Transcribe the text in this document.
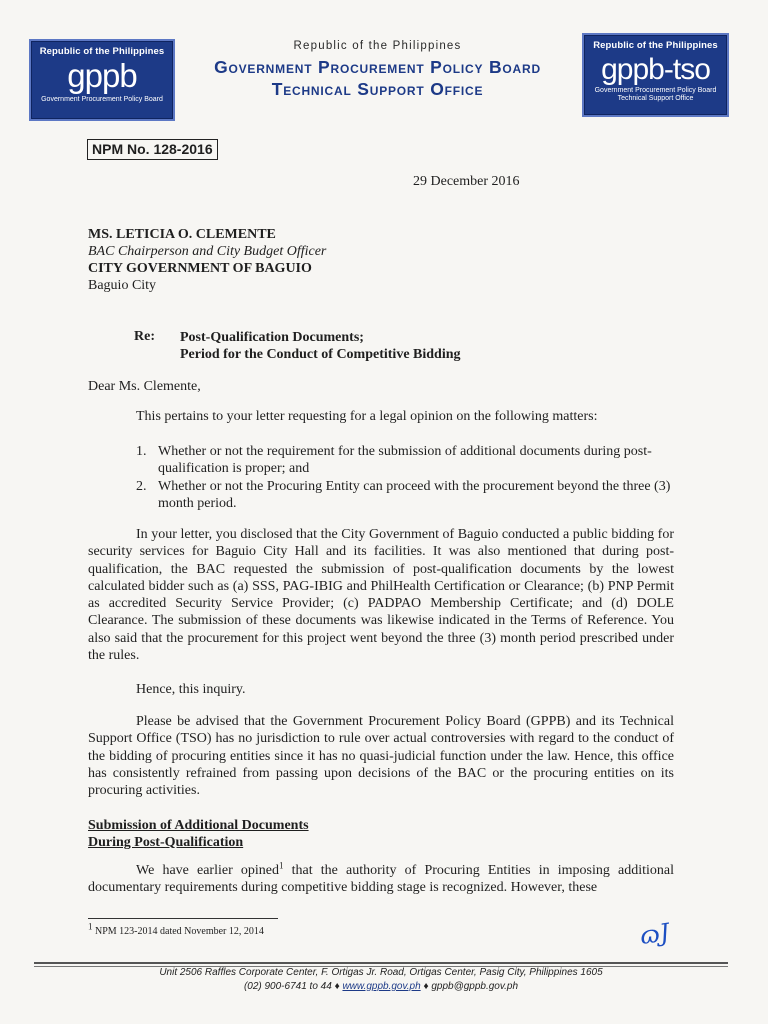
Republic of the Philippines
gppb
Government Procurement Policy Board
Republic of the Philippines
Government Procurement Policy Board
Technical Support Office
Republic of the Philippines
gppb-tso
Government Procurement Policy Board
Technical Support Office
NPM No. 128-2016
29 December 2016
MS. LETICIA O. CLEMENTE
BAC Chairperson and City Budget Officer
CITY GOVERNMENT OF BAGUIO
Baguio City
Re: Post-Qualification Documents;
Period for the Conduct of Competitive Bidding
Dear Ms. Clemente,
This pertains to your letter requesting for a legal opinion on the following matters:
1. Whether or not the requirement for the submission of additional documents during post-qualification is proper; and
2. Whether or not the Procuring Entity can proceed with the procurement beyond the three (3) month period.
In your letter, you disclosed that the City Government of Baguio conducted a public bidding for security services for Baguio City Hall and its facilities. It was also mentioned that during post-qualification, the BAC requested the submission of post-qualification documents by the lowest calculated bidder such as (a) SSS, PAG-IBIG and PhilHealth Certification or Clearance; (b) PNP Permit as accredited Security Service Provider; (c) PADPAO Membership Certificate; and (d) DOLE Clearance. The submission of these documents was likewise indicated in the Terms of Reference. You also said that the procurement for this project went beyond the three (3) month period prescribed under the rules.
Hence, this inquiry.
Please be advised that the Government Procurement Policy Board (GPPB) and its Technical Support Office (TSO) has no jurisdiction to rule over actual controversies with regard to the conduct of the bidding of procuring entities since it has no quasi-judicial function under the law. Hence, this office has consistently refrained from passing upon decisions of the BAC or the procuring entities on its procuring activities.
Submission of Additional Documents
During Post-Qualification
We have earlier opined$^1$ that the authority of Procuring Entities in imposing additional documentary requirements during competitive bidding stage is recognized. However, these
$^1$ NPM 123-2014 dated November 12, 2014	ɷJ
Unit 2506 Raffles Corporate Center, F. Ortigas Jr. Road, Ortigas Center, Pasig City, Philippines 1605
(02) 900-6741 to 44 ♦ www.gppb.gov.ph ♦ gppb@gppb.gov.ph
